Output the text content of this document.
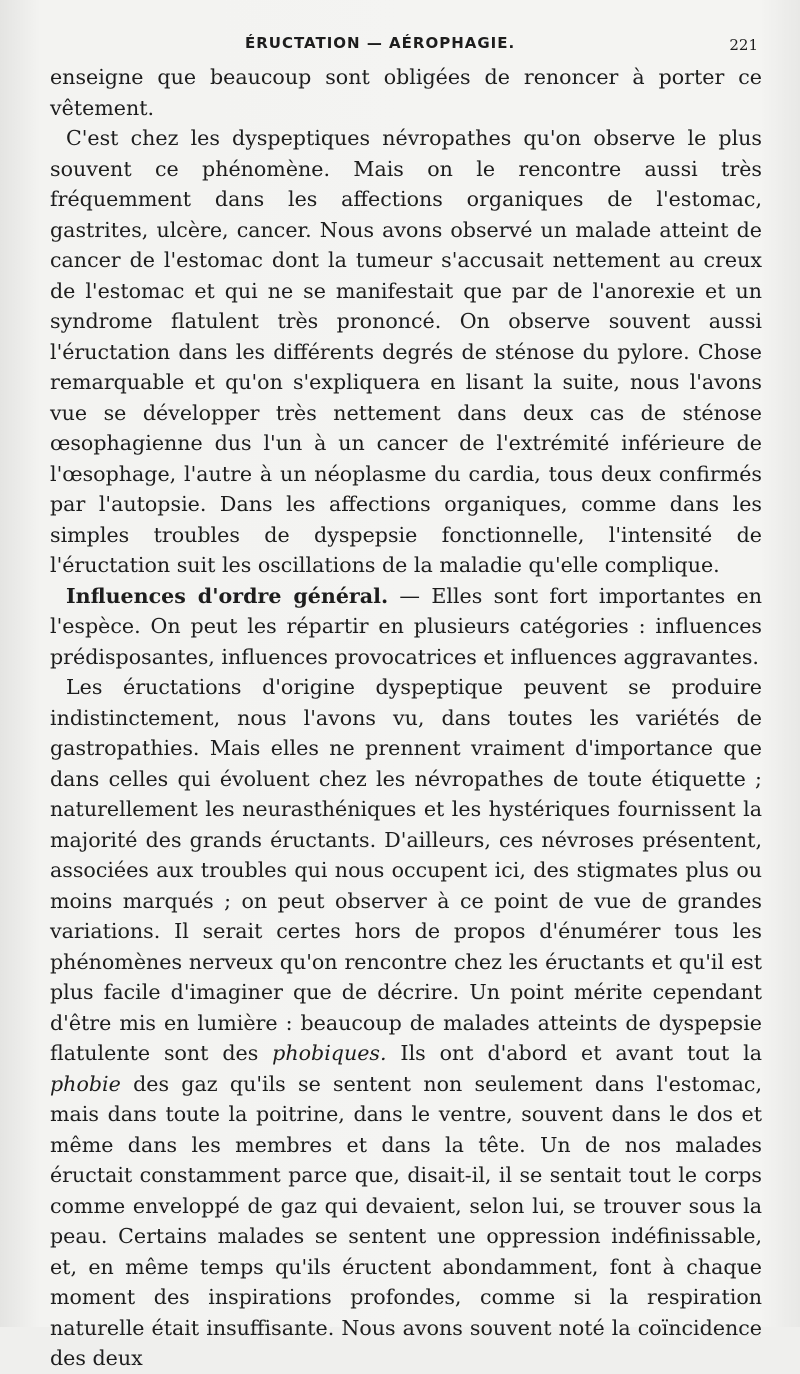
ÉRUCTATION — AÉROPHAGIE.	221

enseigne que beaucoup sont obligées de renoncer à porter ce vêtement.

C'est chez les dyspeptiques névropathes qu'on observe le plus souvent ce phénomène. Mais on le rencontre aussi très fréquemment dans les affections organiques de l'estomac, gastrites, ulcère, cancer. Nous avons observé un malade atteint de cancer de l'estomac dont la tumeur s'accusait nettement au creux de l'estomac et qui ne se manifestait que par de l'anorexie et un syndrome flatulent très prononcé. On observe souvent aussi l'éructation dans les différents degrés de sténose du pylore. Chose remarquable et qu'on s'expliquera en lisant la suite, nous l'avons vue se développer très nettement dans deux cas de sténose œsophagienne dus l'un à un cancer de l'extrémité inférieure de l'œsophage, l'autre à un néoplasme du cardia, tous deux confirmés par l'autopsie. Dans les affections organiques, comme dans les simples troubles de dyspepsie fonctionnelle, l'intensité de l'éructation suit les oscillations de la maladie qu'elle complique.

Influences d'ordre général. — Elles sont fort importantes en l'espèce. On peut les répartir en plusieurs catégories : influences prédisposantes, influences provocatrices et influences aggravantes.

Les éructations d'origine dyspeptique peuvent se produire indistinctement, nous l'avons vu, dans toutes les variétés de gastropathies. Mais elles ne prennent vraiment d'importance que dans celles qui évoluent chez les névropathes de toute étiquette ; naturellement les neurasthéniques et les hystériques fournissent la majorité des grands éructants. D'ailleurs, ces névroses présentent, associées aux troubles qui nous occupent ici, des stigmates plus ou moins marqués ; on peut observer à ce point de vue de grandes variations. Il serait certes hors de propos d'énumérer tous les phénomènes nerveux qu'on rencontre chez les éructants et qu'il est plus facile d'imaginer que de décrire. Un point mérite cependant d'être mis en lumière : beaucoup de malades atteints de dyspepsie flatulente sont des phobiques. Ils ont d'abord et avant tout la phobie des gaz qu'ils se sentent non seulement dans l'estomac, mais dans toute la poitrine, dans le ventre, souvent dans le dos et même dans les membres et dans la tête. Un de nos malades éructait constamment parce que, disait-il, il se sentait tout le corps comme enveloppé de gaz qui devaient, selon lui, se trouver sous la peau. Certains malades se sentent une oppression indéfinissable, et, en même temps qu'ils éructent abondamment, font à chaque moment des inspirations profondes, comme si la respiration naturelle était insuffisante. Nous avons souvent noté la coïncidence des deux
